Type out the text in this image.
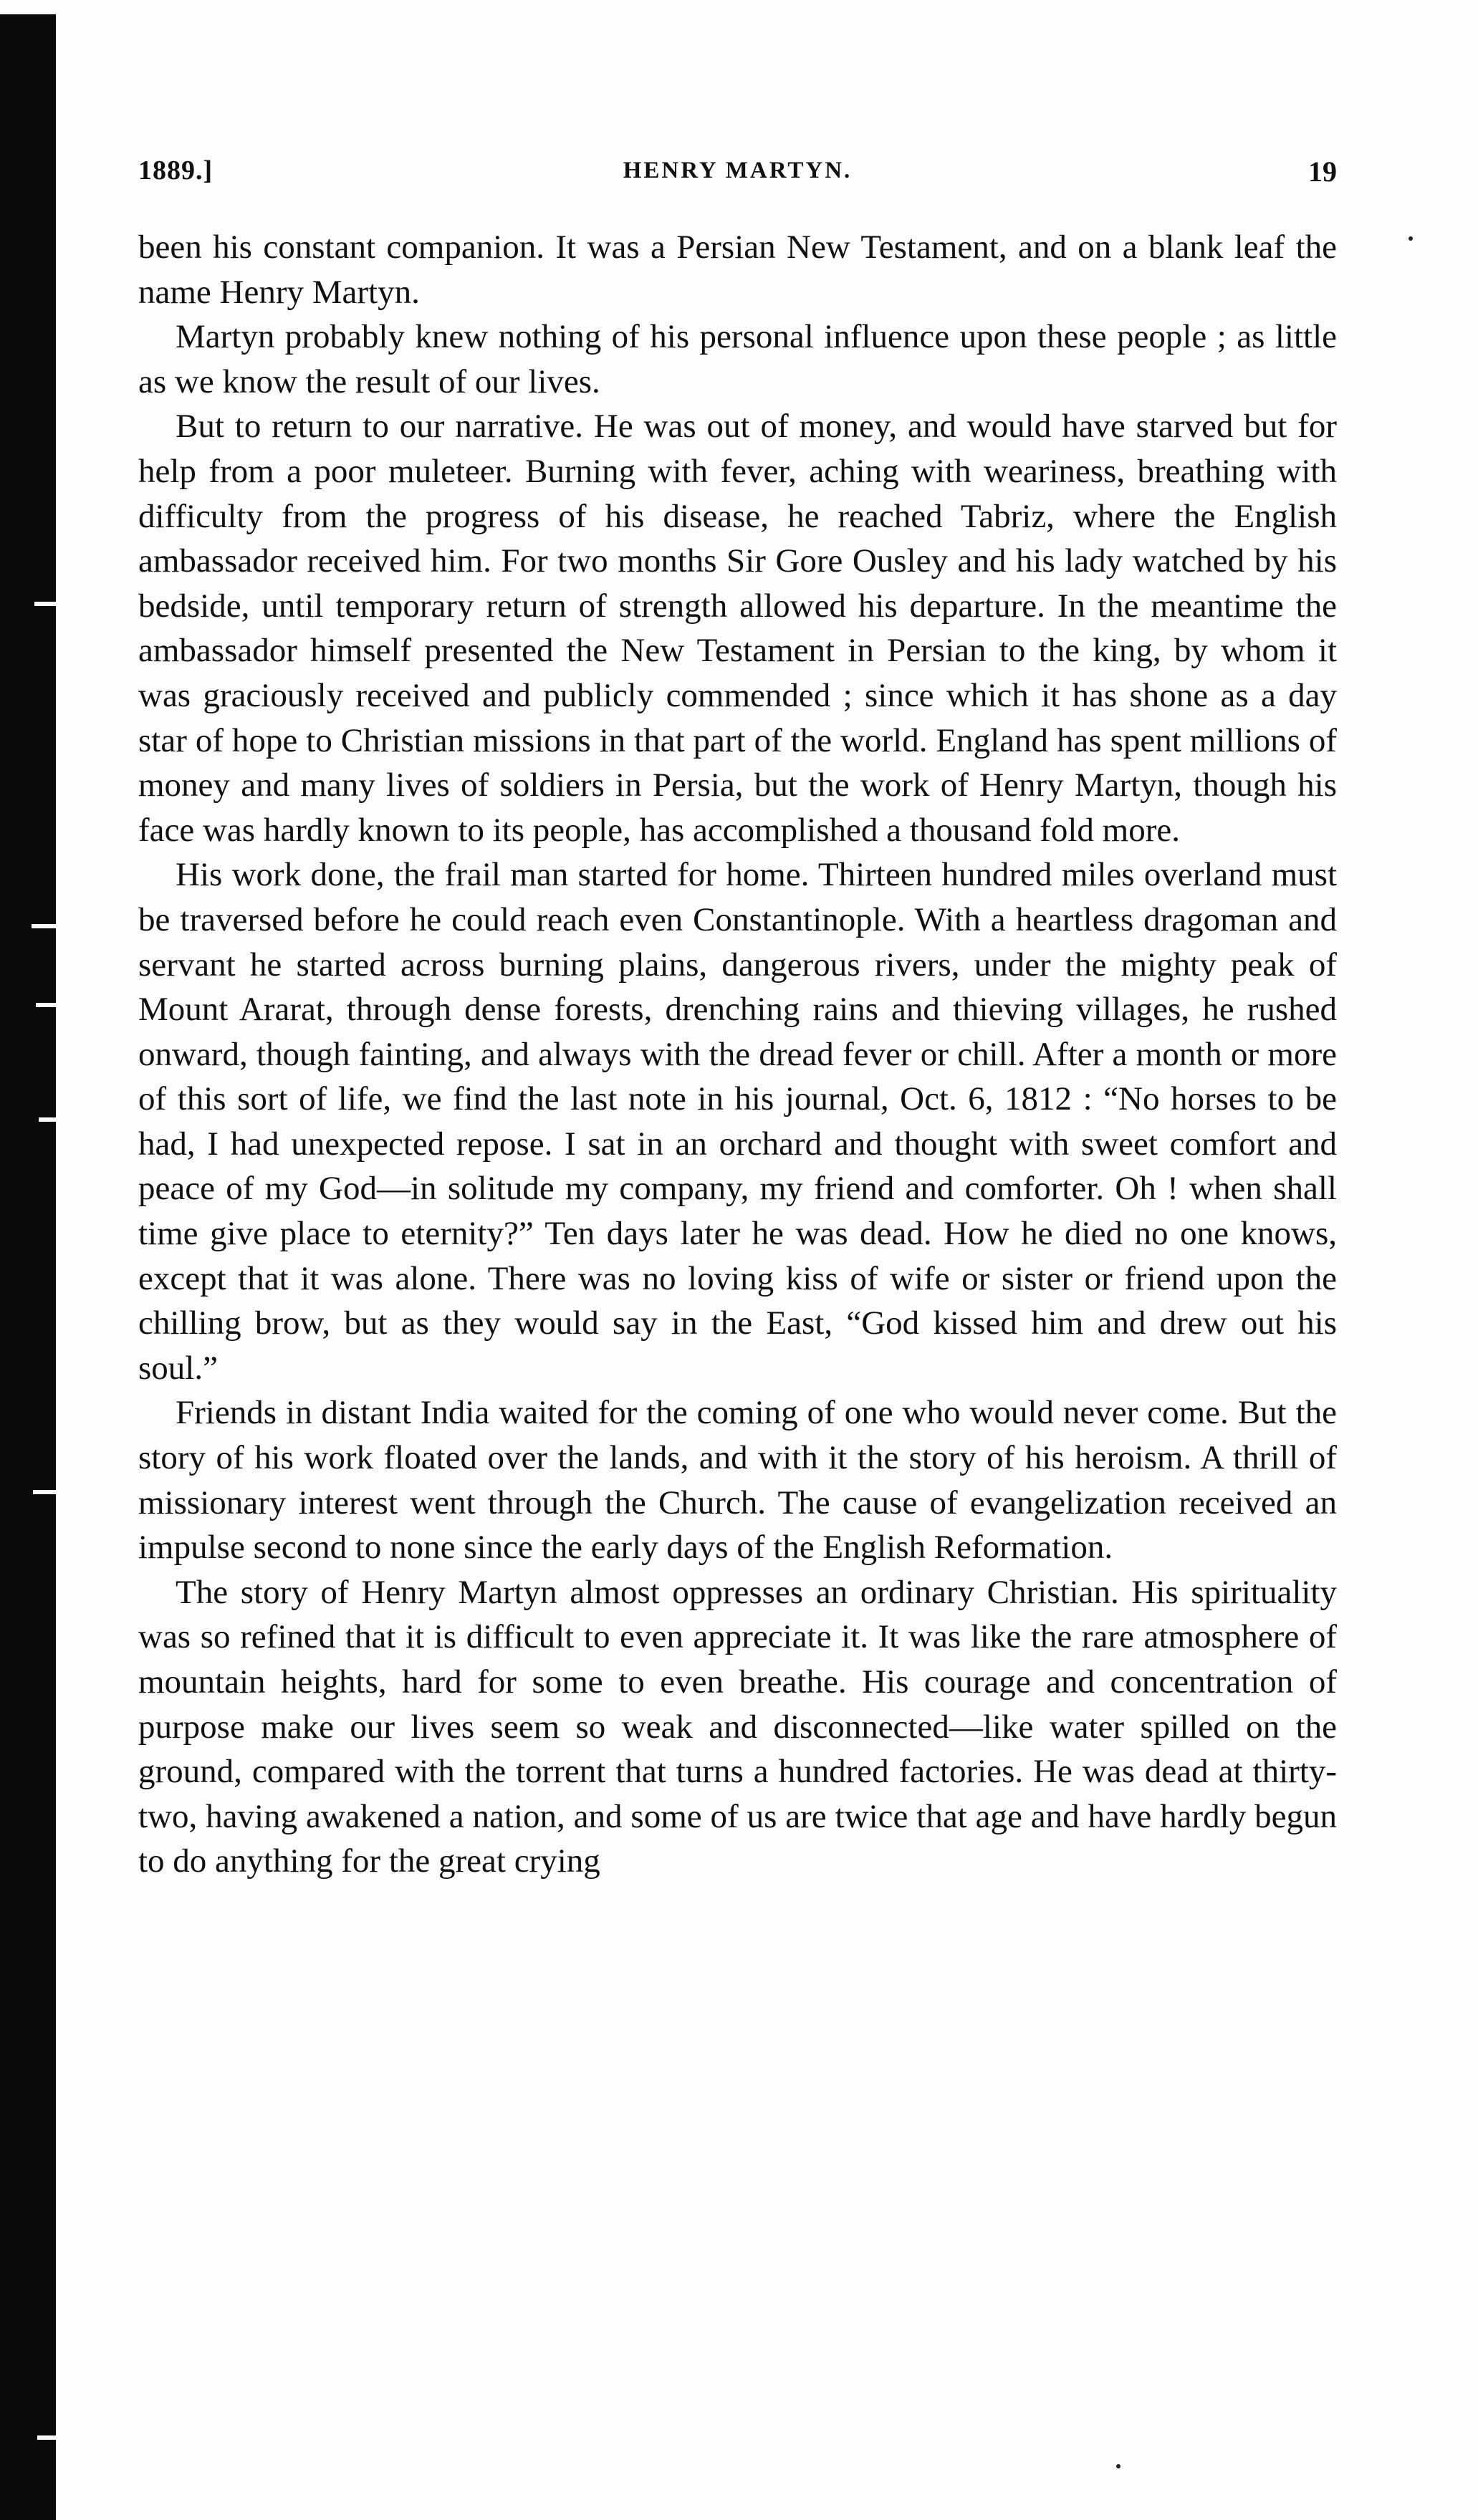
1889.]	HENRY MARTYN.	19

been his constant companion. It was a Persian New Testament, and on a blank leaf the name Henry Martyn.

Martyn probably knew nothing of his personal influence upon these people ; as little as we know the result of our lives.

But to return to our narrative. He was out of money, and would have starved but for help from a poor muleteer. Burning with fever, aching with weariness, breathing with difficulty from the progress of his disease, he reached Tabriz, where the English ambassador received him. For two months Sir Gore Ousley and his lady watched by his bedside, until temporary return of strength allowed his departure. In the meantime the ambassador himself presented the New Testament in Persian to the king, by whom it was graciously received and publicly commended ; since which it has shone as a day star of hope to Christian missions in that part of the world. England has spent millions of money and many lives of soldiers in Persia, but the work of Henry Martyn, though his face was hardly known to its people, has accomplished a thousand fold more.

His work done, the frail man started for home. Thirteen hundred miles overland must be traversed before he could reach even Constantinople. With a heartless dragoman and servant he started across burning plains, dangerous rivers, under the mighty peak of Mount Ararat, through dense forests, drenching rains and thieving villages, he rushed onward, though fainting, and always with the dread fever or chill. After a month or more of this sort of life, we find the last note in his journal, Oct. 6, 1812 : “No horses to be had, I had unexpected repose. I sat in an orchard and thought with sweet comfort and peace of my God—in solitude my company, my friend and comforter. Oh ! when shall time give place to eternity?” Ten days later he was dead. How he died no one knows, except that it was alone. There was no loving kiss of wife or sister or friend upon the chilling brow, but as they would say in the East, “God kissed him and drew out his soul.”

Friends in distant India waited for the coming of one who would never come. But the story of his work floated over the lands, and with it the story of his heroism. A thrill of missionary interest went through the Church. The cause of evangelization received an impulse second to none since the early days of the English Reformation.

The story of Henry Martyn almost oppresses an ordinary Christian. His spirituality was so refined that it is difficult to even appreciate it. It was like the rare atmosphere of mountain heights, hard for some to even breathe. His courage and concentration of purpose make our lives seem so weak and disconnected—like water spilled on the ground, compared with the torrent that turns a hundred factories. He was dead at thirty-two, having awakened a nation, and some of us are twice that age and have hardly begun to do anything for the great crying
